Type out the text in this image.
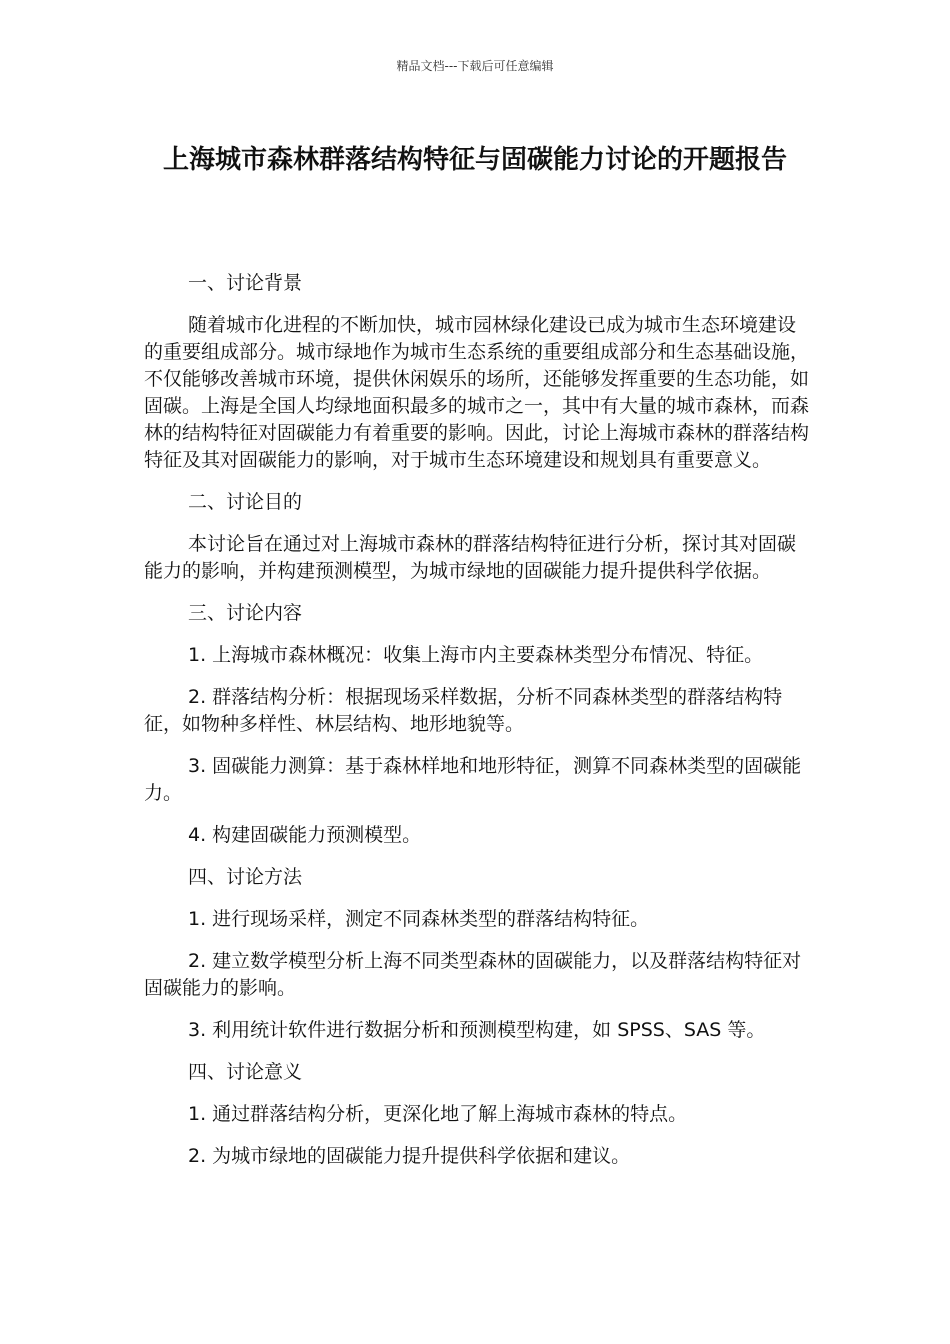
精品文档---下载后可任意编辑
上海城市森林群落结构特征与固碳能力讨论的开题报告

一、讨论背景

随着城市化进程的不断加快，城市园林绿化建设已成为城市生态环境建设的重要组成部分。城市绿地作为城市生态系统的重要组成部分和生态基础设施，不仅能够改善城市环境，提供休闲娱乐的场所，还能够发挥重要的生态功能，如固碳。上海是全国人均绿地面积最多的城市之一，其中有大量的城市森林，而森林的结构特征对固碳能力有着重要的影响。因此，讨论上海城市森林的群落结构特征及其对固碳能力的影响，对于城市生态环境建设和规划具有重要意义。

二、讨论目的

本讨论旨在通过对上海城市森林的群落结构特征进行分析，探讨其对固碳能力的影响，并构建预测模型，为城市绿地的固碳能力提升提供科学依据。

三、讨论内容

1. 上海城市森林概况：收集上海市内主要森林类型分布情况、特征。

2. 群落结构分析：根据现场采样数据，分析不同森林类型的群落结构特征，如物种多样性、林层结构、地形地貌等。

3. 固碳能力测算：基于森林样地和地形特征，测算不同森林类型的固碳能力。

4. 构建固碳能力预测模型。

四、讨论方法

1. 进行现场采样，测定不同森林类型的群落结构特征。

2. 建立数学模型分析上海不同类型森林的固碳能力，以及群落结构特征对固碳能力的影响。

3. 利用统计软件进行数据分析和预测模型构建，如 SPSS、SAS 等。

四、讨论意义

1. 通过群落结构分析，更深化地了解上海城市森林的特点。

2. 为城市绿地的固碳能力提升提供科学依据和建议。
